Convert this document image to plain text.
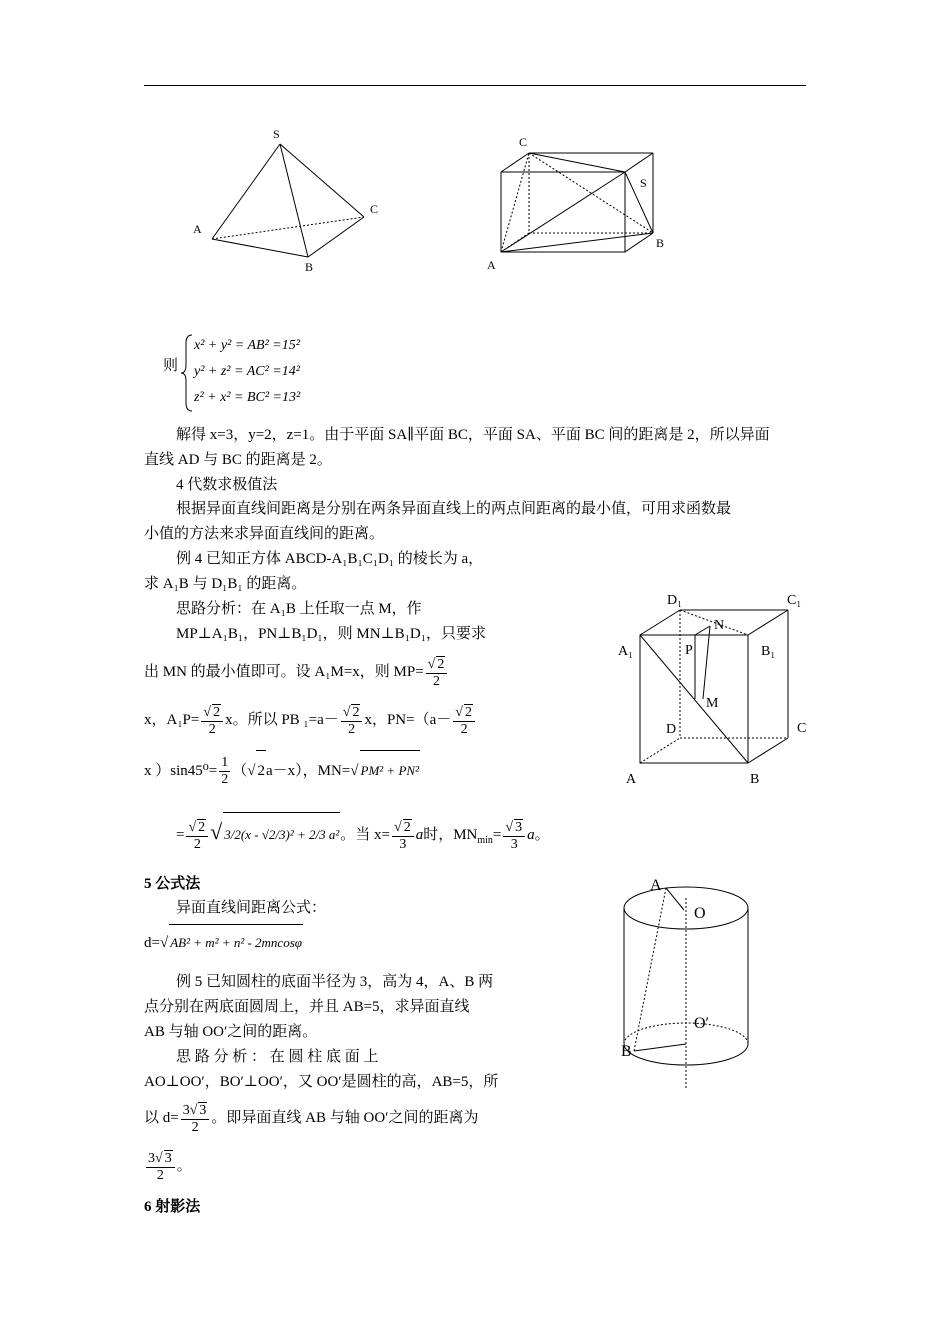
S
A
B
C
C
S
A
B
则
x² + y² = AB² =15²
y² + z² = AC² =14²
z² + x² = BC² =13²
解得 x=3，y=2，z=1。由于平面 SA∥平面 BC，平面 SA、平面 BC 间的距离是 2，所以异面
直线 AD 与 BC 的距离是 2。
4 代数求极值法
根据异面直线间距离是分别在两条异面直线上的两点间距离的最小值，可用求函数最
小值的方法来求异面直线间的距离。
例 4 已知正方体 ABCD-A₁B₁C₁D₁ 的棱长为 a，
求 A₁B 与 D₁B₁ 的距离。
思路分析：在 A₁B 上任取一点 M，作
MP⊥A₁B₁，PN⊥B₁D₁，则 MN⊥B₁D₁，只要求
出 MN 的最小值即可。设 A₁M=x，则 MP= √ $\frac{2}{2}$
x，A₁P= √ $\frac{2}{2}$ x。所以 PB ₁=a－ √ $\frac{2}{2}$ x，PN=（a－ √ $\frac{2}{2}$
x ）$\sin 45^0= \frac{1}{2}$ （ √ 2a－x），MN= √ PM² + PN²
= √ $\frac{2}{2}$ √ 3/2(x - √2/3)² + 2/3 a²。当 x= √ $\frac{2}{3}$ a时，$MN_{min}=$ √ $\frac{3}{3}$ a。
D₁	C₁
A₁
N
P	B₁
M
D	C
A	B
5 公式法
异面直线间距离公式：
d= √ AB² + m² + n² - 2mncosφ
例 5 已知圆柱的底面半径为 3，高为 4，A、B 两
点分别在两底面圆周上，并且 AB=5，求异面直线
AB 与轴 OO′之间的距离。
思 路 分 析 ： 在 圆 柱 底 面 上
AO⊥OO′，BO′⊥OO′，又 OO′是圆柱的高，AB=5，所
以 $d= \frac{3 √ 3}{2}$ 。即异面直线 AB 与轴 OO′之间的距离为
$\frac{3 √ 3}{2}$ 。
A
O
O′
B
6 射影法
